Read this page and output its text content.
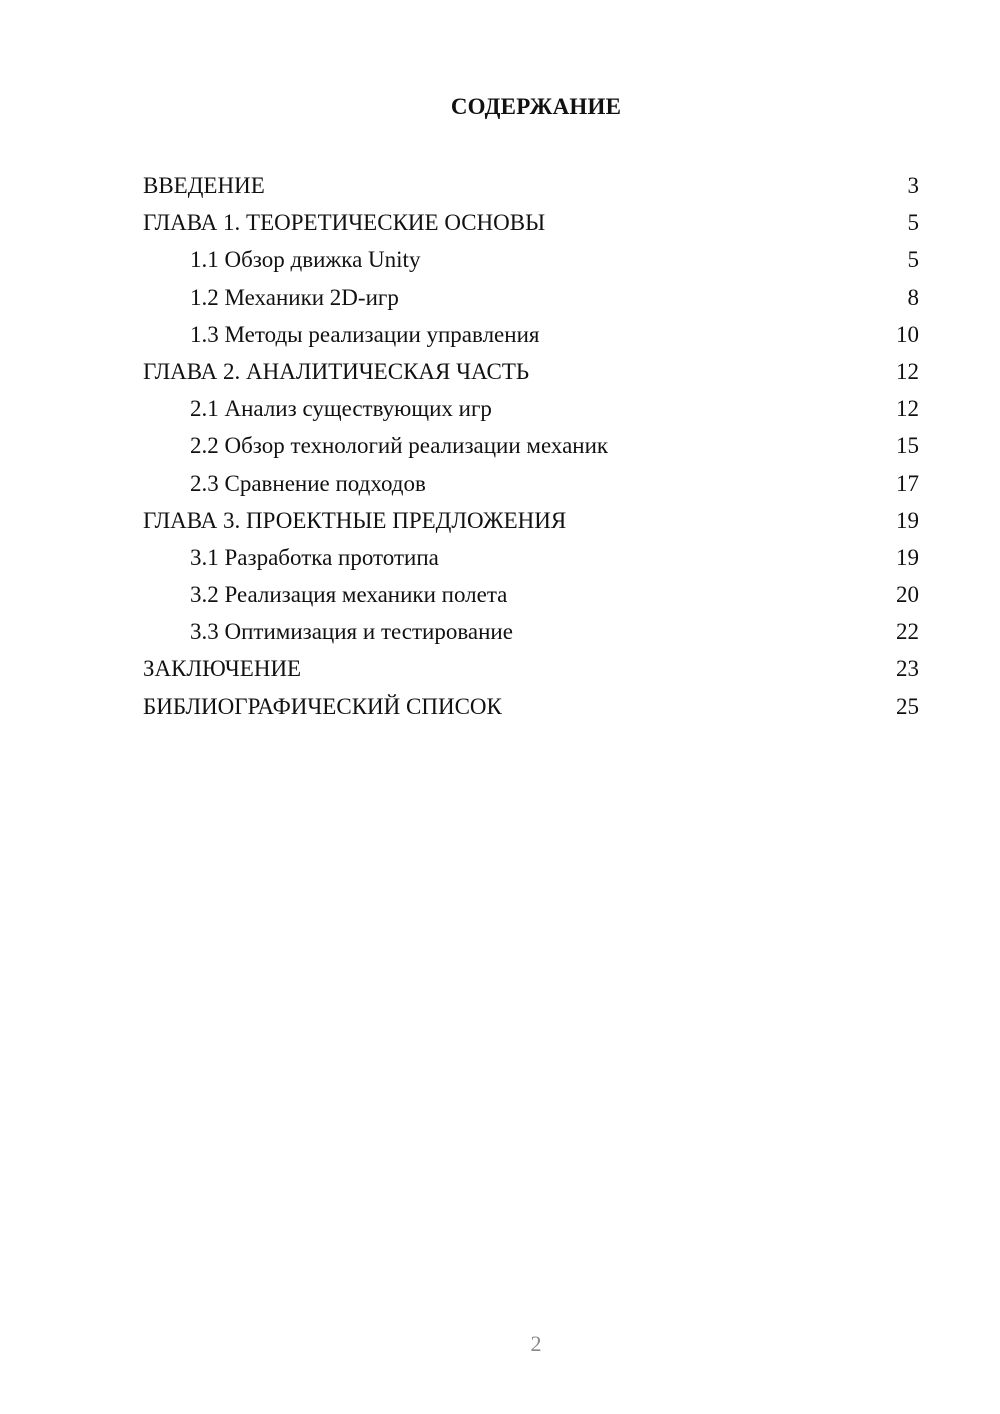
СОДЕРЖАНИЕ
ВВЕДЕНИЕ	3
ГЛАВА 1. ТЕОРЕТИЧЕСКИЕ ОСНОВЫ	5
1.1 Обзор движка Unity	5
1.2 Механики 2D-игр	8
1.3 Методы реализации управления	10
ГЛАВА 2. АНАЛИТИЧЕСКАЯ ЧАСТЬ	12
2.1 Анализ существующих игр	12
2.2 Обзор технологий реализации механик	15
2.3 Сравнение подходов	17
ГЛАВА 3. ПРОЕКТНЫЕ ПРЕДЛОЖЕНИЯ	19
3.1 Разработка прототипа	19
3.2 Реализация механики полета	20
3.3 Оптимизация и тестирование	22
ЗАКЛЮЧЕНИЕ	23
БИБЛИОГРАФИЧЕСКИЙ СПИСОК	25
2
